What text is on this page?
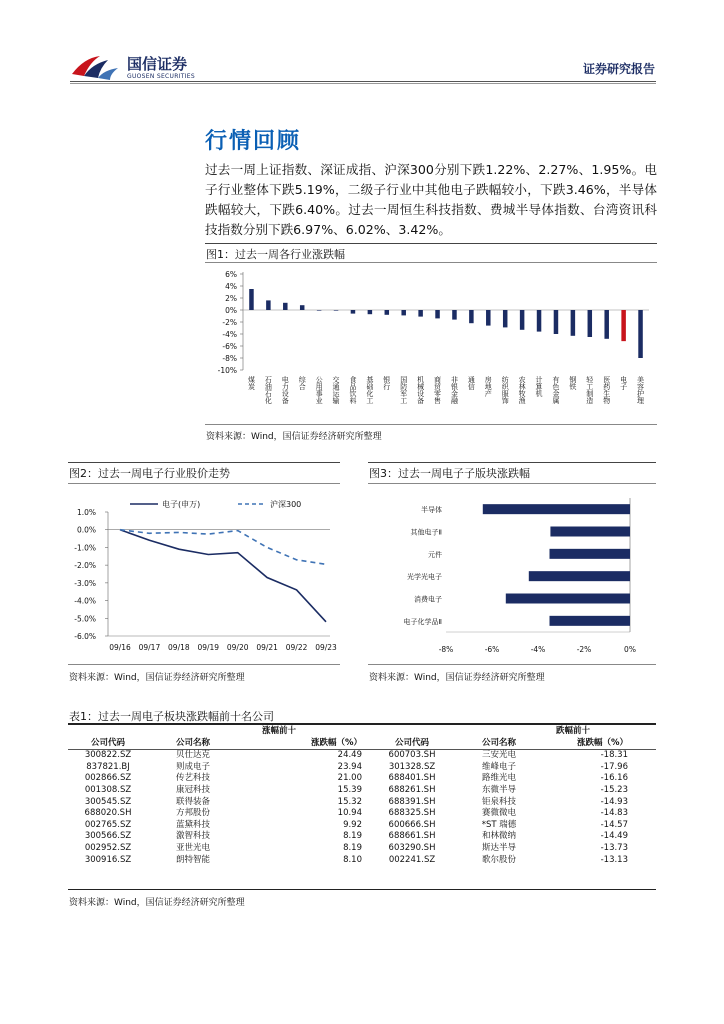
国信证券
GUOSEN SECURITIES
证券研究报告
行情回顾
过去一周上证指数、深证成指、沪深300分别下跌1.22%、2.27%、1.95%。电子行业整体下跌5.19%，二级子行业中其他电子跌幅较小，下跌3.46%，半导体跌幅较大，下跌6.40%。过去一周恒生科技指数、费城半导体指数、台湾资讯科技指数分别下跌6.97%、6.02%、3.42%。
图1：过去一周各行业涨跌幅
6%
4%
2%
0%
-2%
-4%
-6%
-8%
-10%
煤炭 石油石化 电力设备 综合 公用事业 交通运输 食品饮料 基础化工 银行 国防军工 机械设备 商贸零售 非银金融 通信 房地产 纺织服饰 农林牧渔 计算机 有色金属 钢铁 轻工制造 医药生物 电子 美容护理
资料来源：Wind，国信证券经济研究所整理
图2：过去一周电子行业股价走势
电子(申万)	沪深300
1.0%
0.0%
-1.0%
-2.0%
-3.0%
-4.0%
-5.0%
-6.0%
09/16 09/17 09/18 09/19 09/20 09/21 09/22 09/23
资料来源：Wind，国信证券经济研究所整理
图3：过去一周电子子版块涨跌幅
-8%	-6%	-4%	-2%	0%
半导体
其他电子Ⅱ
元件
光学光电子
消费电子
电子化学品Ⅱ
资料来源：Wind，国信证券经济研究所整理
表1：过去一周电子板块涨跌幅前十名公司
涨幅前十			跌幅前十		
公司代码	公司名称	涨跌幅（%）	公司代码	公司名称	涨跌幅（%）
300822.SZ	贝仕达克	24.49	600703.SH	三安光电	-18.31
837821.BJ	则成电子	23.94	301328.SZ	维峰电子	-17.96
002866.SZ	传艺科技	21.00	688401.SH	路维光电	-16.16
001308.SZ	康冠科技	15.39	688261.SH	东微半导	-15.23
300545.SZ	联得装备	15.32	688391.SH	钜泉科技	-14.93
688020.SH	方邦股份	10.94	688325.SH	赛微微电	-14.83
002765.SZ	蓝黛科技	9.92	600666.SH	*ST 瑞德	-14.57
300566.SZ	激智科技	8.19	688661.SH	和林微纳	-14.49
002952.SZ	亚世光电	8.19	603290.SH	斯达半导	-13.73
300916.SZ	朗特智能	8.10	002241.SZ	歌尔股份	-13.13
资料来源：Wind，国信证券经济研究所整理
